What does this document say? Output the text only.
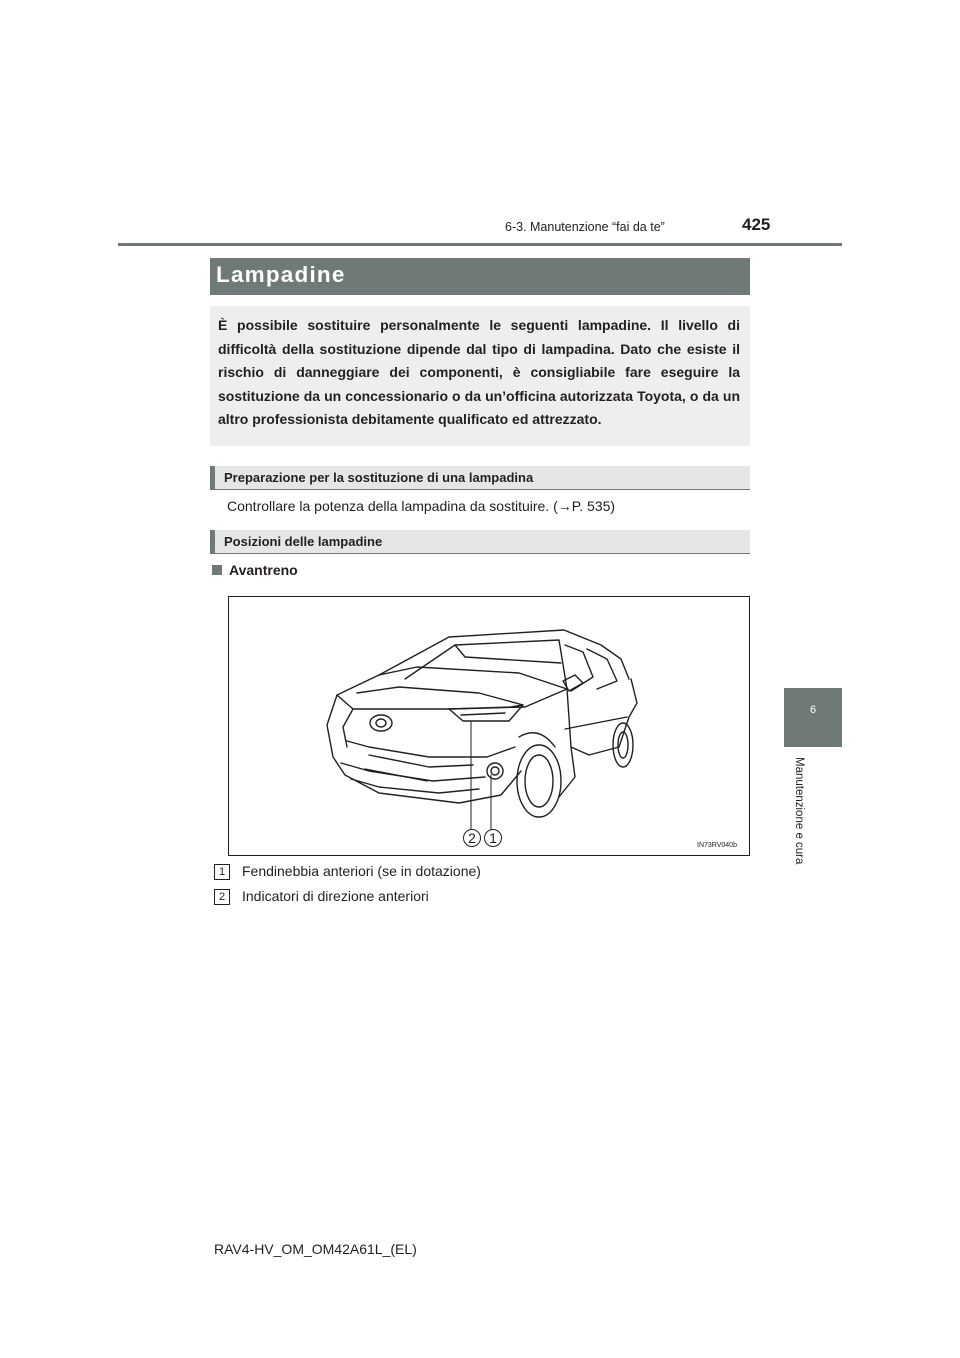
6-3. Manutenzione “fai da te”	425
6
Manutenzione e cura
Lampadine
È possibile sostituire personalmente le seguenti lampadine. Il livello di difficoltà della sostituzione dipende dal tipo di lampadina. Dato che esiste il rischio di danneggiare dei componenti, è consigliabile fare eseguire la sostituzione da un concessionario o da un’officina autorizzata Toyota, o da un altro professionista debitamente qualificato ed attrezzato.
Preparazione per la sostituzione di una lampadina
Controllare la potenza della lampadina da sostituire. (→P. 535)
Posizioni delle lampadine
Avantreno
2 1	IN73RV040b
1 Fendinebbia anteriori (se in dotazione)
2 Indicatori di direzione anteriori
RAV4-HV_OM_OM42A61L_(EL)
